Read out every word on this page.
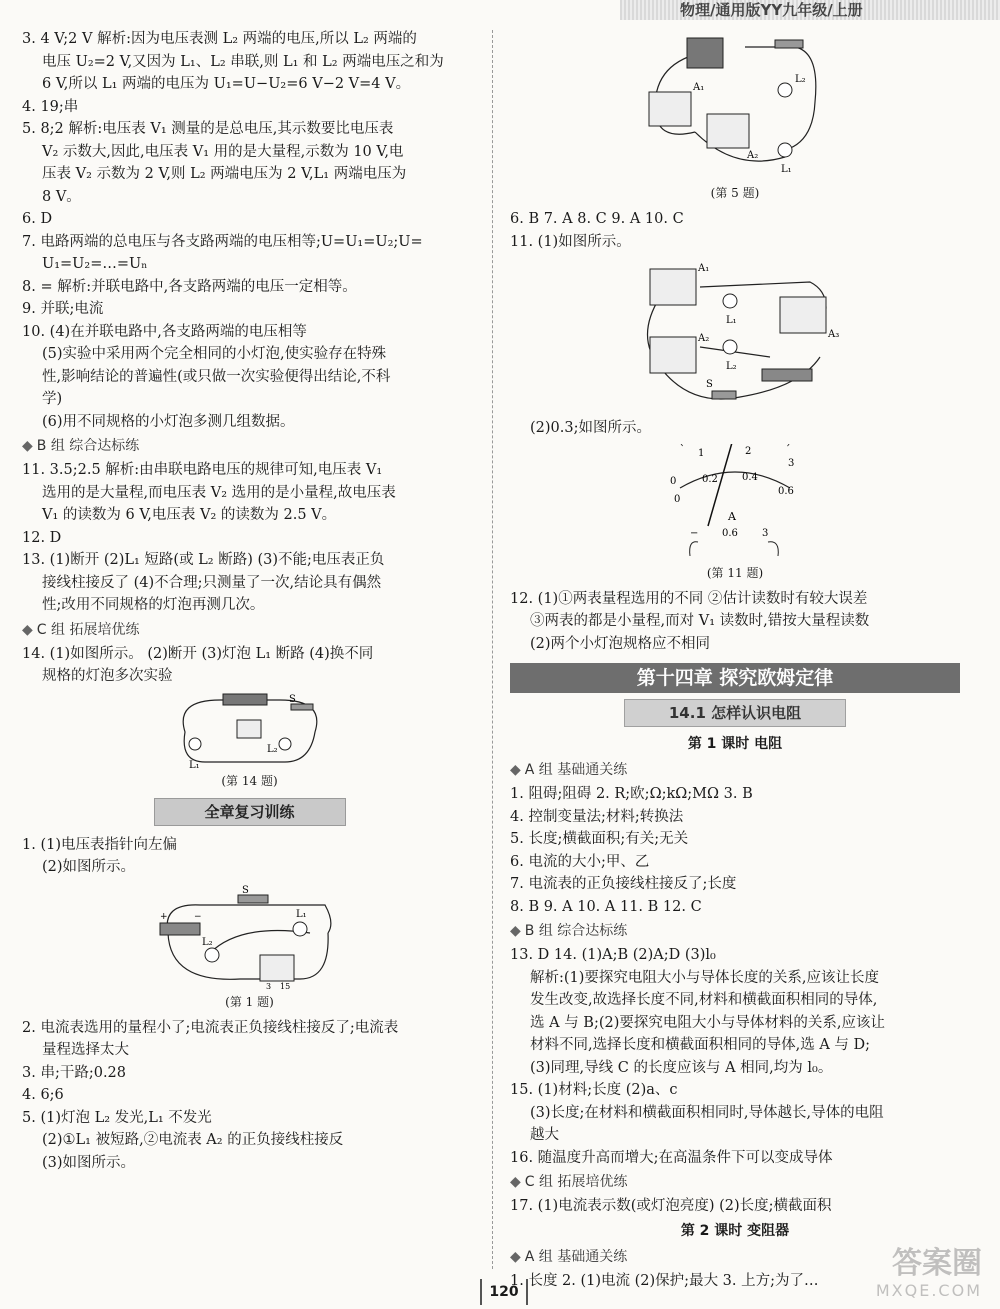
物理/通用版YY九年级/上册

3. 4 V;2 V 解析:因为电压表测 L₂ 两端的电压,所以 L₂ 两端的

电压 U₂=2 V,又因为 L₁、L₂ 串联,则 L₁ 和 L₂ 两端电压之和为

6 V,所以 L₁ 两端的电压为 U₁=U−U₂=6 V−2 V=4 V。

4. 19;串

5. 8;2 解析:电压表 V₁ 测量的是总电压,其示数要比电压表

V₂ 示数大,因此,电压表 V₁ 用的是大量程,示数为 10 V,电

压表 V₂ 示数为 2 V,则 L₂ 两端电压为 2 V,L₁ 两端电压为

8 V。

6. D

7. 电路两端的总电压与各支路两端的电压相等;U=U₁=U₂;U=

U₁=U₂=…=Uₙ

8. = 解析:并联电路中,各支路两端的电压一定相等。

9. 并联;电流

10. (4)在并联电路中,各支路两端的电压相等

(5)实验中采用两个完全相同的小灯泡,使实验存在特殊

性,影响结论的普遍性(或只做一次实验便得出结论,不科

学)

(6)用不同规格的小灯泡多测几组数据。

◆ B 组 综合达标练

11. 3.5;2.5 解析:由串联电路电压的规律可知,电压表 V₁

选用的是大量程,而电压表 V₂ 选用的是小量程,故电压表

V₁ 的读数为 6 V,电压表 V₂ 的读数为 2.5 V。

12. D

13. (1)断开 (2)L₁ 短路(或 L₂ 断路) (3)不能;电压表正负

接线柱接反了 (4)不合理;只测量了一次,结论具有偶然

性;改用不同规格的灯泡再测几次。

◆ C 组 拓展培优练

14. (1)如图所示。 (2)断开 (3)灯泡 L₁ 断路 (4)换不同

规格的灯泡多次实验

S
L₁
L₂
(第 14 题)
全章复习训练

1. (1)电压表指针向左偏

(2)如图所示。

S
L₁
L₂
+	−
3 15
(第 1 题)

2. 电流表选用的量程小了;电流表正负接线柱接反了;电流表

量程选择太大

3. 串;干路;0.28

4. 6;6

5. (1)灯泡 L₂ 发光,L₁ 不发光

(2)①L₁ 被短路,②电流表 A₂ 的正负接线柱接反

(3)如图所示。

A₁
A₂
L₁
L₂
(第 5 题)

6. B 7. A 8. C 9. A 10. C

11. (1)如图所示。

A₁
A₂	A₃
L₁
L₂
S

(2)0.3;如图所示。

0
1	2
3
0
0.2 0.4
0.6
A
− 0.6 3
(第 11 题)

12. (1)①两表量程选用的不同 ②估计读数时有较大误差

③两表的都是小量程,而对 V₁ 读数时,错按大量程读数

(2)两个小灯泡规格应不相同

第十四章 探究欧姆定律
14.1 怎样认识电阻
第 1 课时 电阻
◆ A 组 基础通关练

1. 阻碍;阻碍 2. R;欧;Ω;kΩ;MΩ 3. B

4. 控制变量法;材料;转换法

5. 长度;横截面积;有关;无关

6. 电流的大小;甲、乙

7. 电流表的正负接线柱接反了;长度

8. B 9. A 10. A 11. B 12. C

◆ B 组 综合达标练

13. D 14. (1)A;B (2)A;D (3)l₀

解析:(1)要探究电阻大小与导体长度的关系,应该让长度

发生改变,故选择长度不同,材料和横截面积相同的导体,

选 A 与 B;(2)要探究电阻大小与导体材料的关系,应该让

材料不同,选择长度和横截面积相同的导体,选 A 与 D;

(3)同理,导线 C 的长度应该与 A 相同,均为 l₀。

15. (1)材料;长度 (2)a、c

(3)长度;在材料和横截面积相同时,导体越长,导体的电阻

越大

16. 随温度升高而增大;在高温条件下可以变成导体

◆ C 组 拓展培优练

17. (1)电流表示数(或灯泡亮度) (2)长度;横截面积

第 2 课时 变阻器
◆ A 组 基础通关练

1. 长度 2. (1)电流 (2)保护;最大 3. 上方;为了…

120
答案圈
MXQE.COM
